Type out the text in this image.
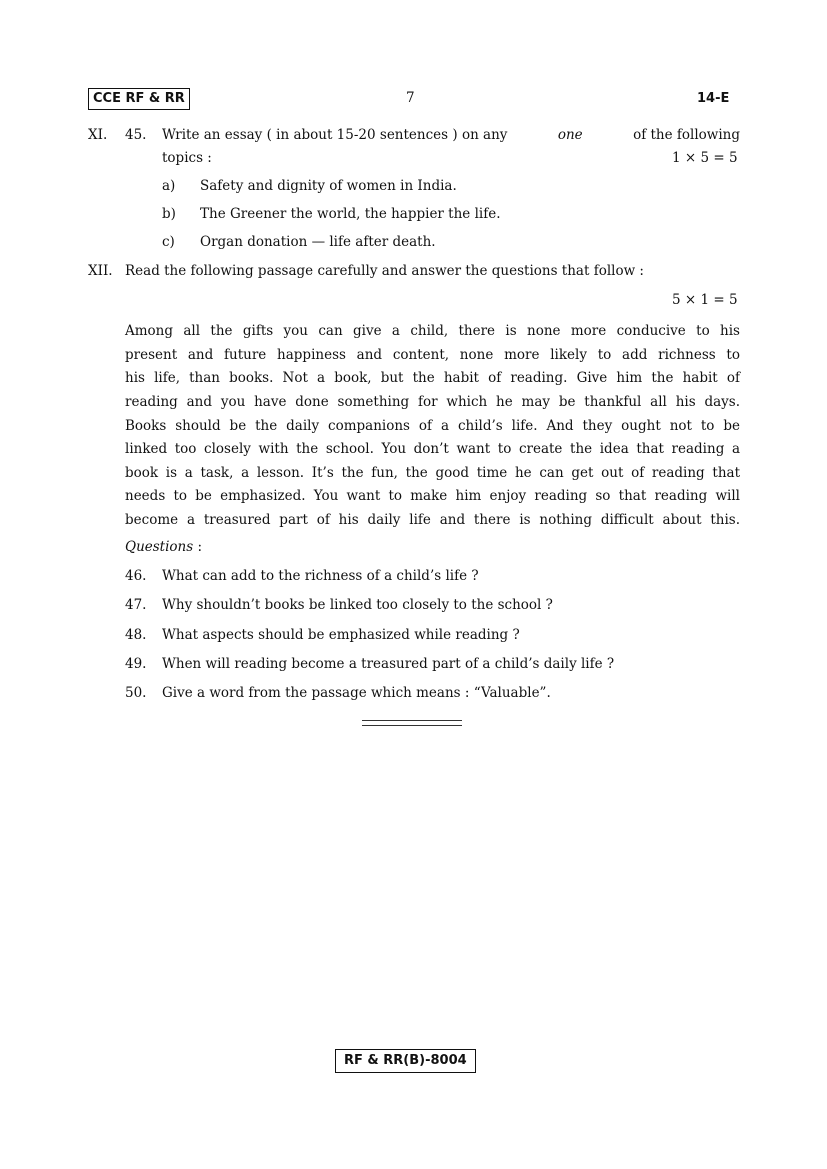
CCE RF & RR	7	14-E
XI. 45. Write an essay ( in about 15-20 sentences ) on any	one	of the following
topics :	1 × 5 = 5
a) Safety and dignity of women in India.
b) The Greener the world, the happier the life.
c) Organ donation — life after death.
XII. Read the following passage carefully and answer the questions that follow :
5 × 1 = 5
Among all the gifts you can give a child, there is none more conducive to his
present and future happiness and content, none more likely to add richness to
his life, than books. Not a book, but the habit of reading. Give him the habit of
reading and you have done something for which he may be thankful all his days.
Books should be the daily companions of a child’s life. And they ought not to be
linked too closely with the school. You don’t want to create the idea that reading a
book is a task, a lesson. It’s the fun, the good time he can get out of reading that
needs to be emphasized. You want to make him enjoy reading so that reading will
become a treasured part of his daily life and there is nothing difficult about this.
Questions :
46. What can add to the richness of a child’s life ?
47. Why shouldn’t books be linked too closely to the school ?
48. What aspects should be emphasized while reading ?
49. When will reading become a treasured part of a child’s daily life ?
50. Give a word from the passage which means : “Valuable”.
RF & RR(B)-8004
